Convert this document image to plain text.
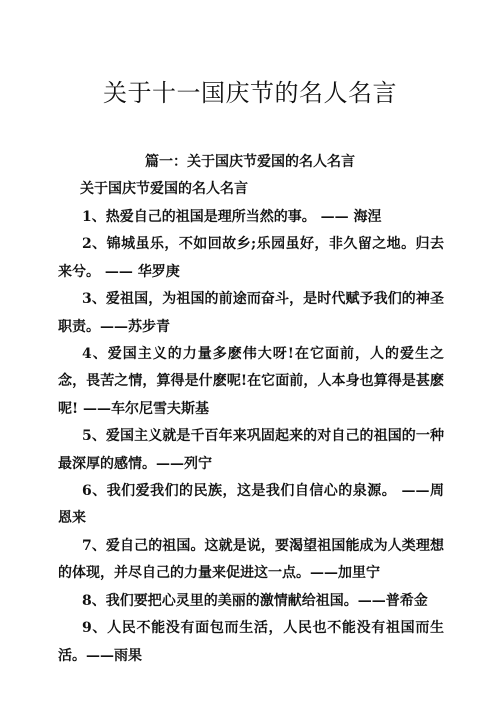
关于十一国庆节的名人名言
篇一：关于国庆节爱国的名人名言
关于国庆节爱国的名人名言
1、热爱自己的祖国是理所当然的事。 —— 海涅
2、锦城虽乐，不如回故乡;乐园虽好，非久留之地。归去来兮。 —— 华罗庚
3、爱祖国，为祖国的前途而奋斗，是时代赋予我们的神圣职责。——苏步青
4、爱国主义的力量多麽伟大呀!在它面前，人的爱生之念，畏苦之情，算得是什麽呢!在它面前，人本身也算得是甚麽呢! ——车尔尼雪夫斯基
5、爱国主义就是千百年来巩固起来的对自己的祖国的一种最深厚的感情。——列宁
6、我们爱我们的民族，这是我们自信心的泉源。 ——周恩来
7、爱自己的祖国。这就是说，要渴望祖国能成为人类理想的体现，并尽自己的力量来促进这一点。——加里宁
8、我们要把心灵里的美丽的激情献给祖国。——普希金
9、人民不能没有面包而生活，人民也不能没有祖国而生活。——雨果
